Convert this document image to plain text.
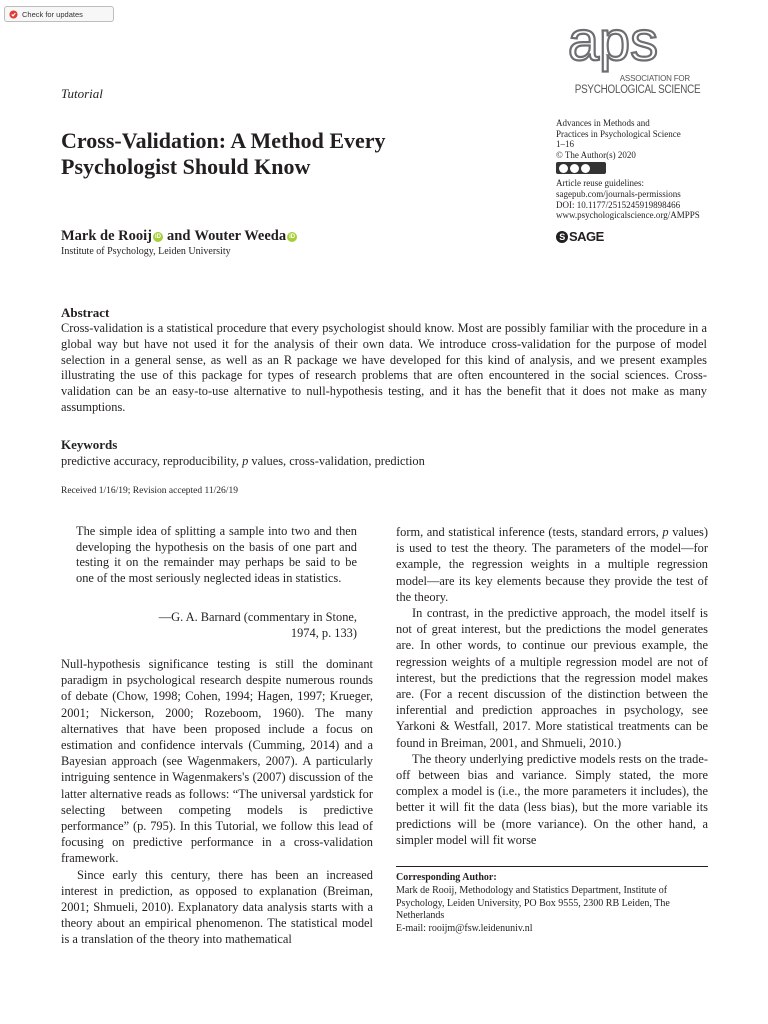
Check for updates
Tutorial
aps
ASSOCIATION FOR
PSYCHOLOGICAL SCIENCE
Cross-Validation: A Method Every Psychologist Should Know
Advances in Methods and
Practices in Psychological Science
1–16
© The Author(s) 2020
Article reuse guidelines:
sagepub.com/journals-permissions
DOI: 10.1177/2515245919898466
www.psychologicalscience.org/AMPPS
S SAGE
Mark de Rooij iD and Wouter Weeda iD
Institute of Psychology, Leiden University
Abstract
Cross-validation is a statistical procedure that every psychologist should know. Most are possibly familiar with the procedure in a global way but have not used it for the analysis of their own data. We introduce cross-validation for the purpose of model selection in a general sense, as well as an R package we have developed for this kind of analysis, and we present examples illustrating the use of this package for types of research problems that are often encountered in the social sciences. Cross-validation can be an easy-to-use alternative to null-hypothesis testing, and it has the benefit that it does not make as many assumptions.
Keywords
predictive accuracy, reproducibility, p values, cross-validation, prediction
Received 1/16/19; Revision accepted 11/26/19
The simple idea of splitting a sample into two and then developing the hypothesis on the basis of one part and testing it on the remainder may perhaps be said to be one of the most seriously neglected ideas in statistics.
—G. A. Barnard (commentary in Stone,
1974, p. 133)

Null-hypothesis significance testing is still the dominant paradigm in psychological research despite numerous rounds of debate (Chow, 1998; Cohen, 1994; Hagen, 1997; Krueger, 2001; Nickerson, 2000; Rozeboom, 1960). The many alternatives that have been proposed include a focus on estimation and confidence intervals (Cumming, 2014) and a Bayesian approach (see Wagenmakers, 2007). A particularly intriguing sentence in Wagenmakers's (2007) discussion of the latter alternative reads as follows: “The universal yardstick for selecting between competing models is predictive performance” (p. 795). In this Tutorial, we follow this lead of focusing on predictive performance in a cross-validation framework.

Since early this century, there has been an increased interest in prediction, as opposed to explanation (Breiman, 2001; Shmueli, 2010). Explanatory data analysis starts with a theory about an empirical phenomenon. The statistical model is a translation of the theory into mathematical

form, and statistical inference (tests, standard errors, p values) is used to test the theory. The parameters of the model—for example, the regression weights in a multiple regression model—are its key elements because they provide the test of the theory.

In contrast, in the predictive approach, the model itself is not of great interest, but the predictions the model generates are. In other words, to continue our previous example, the regression weights of a multiple regression model are not of interest, but the predictions that the regression model makes are. (For a recent discussion of the distinction between the inferential and prediction approaches in psychology, see Yarkoni & Westfall, 2017. More statistical treatments can be found in Breiman, 2001, and Shmueli, 2010.)

The theory underlying predictive models rests on the trade-off between bias and variance. Simply stated, the more complex a model is (i.e., the more parameters it includes), the better it will fit the data (less bias), but the more variable its predictions will be (more variance). On the other hand, a simpler model will fit worse

Corresponding Author:
Mark de Rooij, Methodology and Statistics Department, Institute of Psychology, Leiden University, PO Box 9555, 2300 RB Leiden, The Netherlands
E-mail: rooijm@fsw.leidenuniv.nl
